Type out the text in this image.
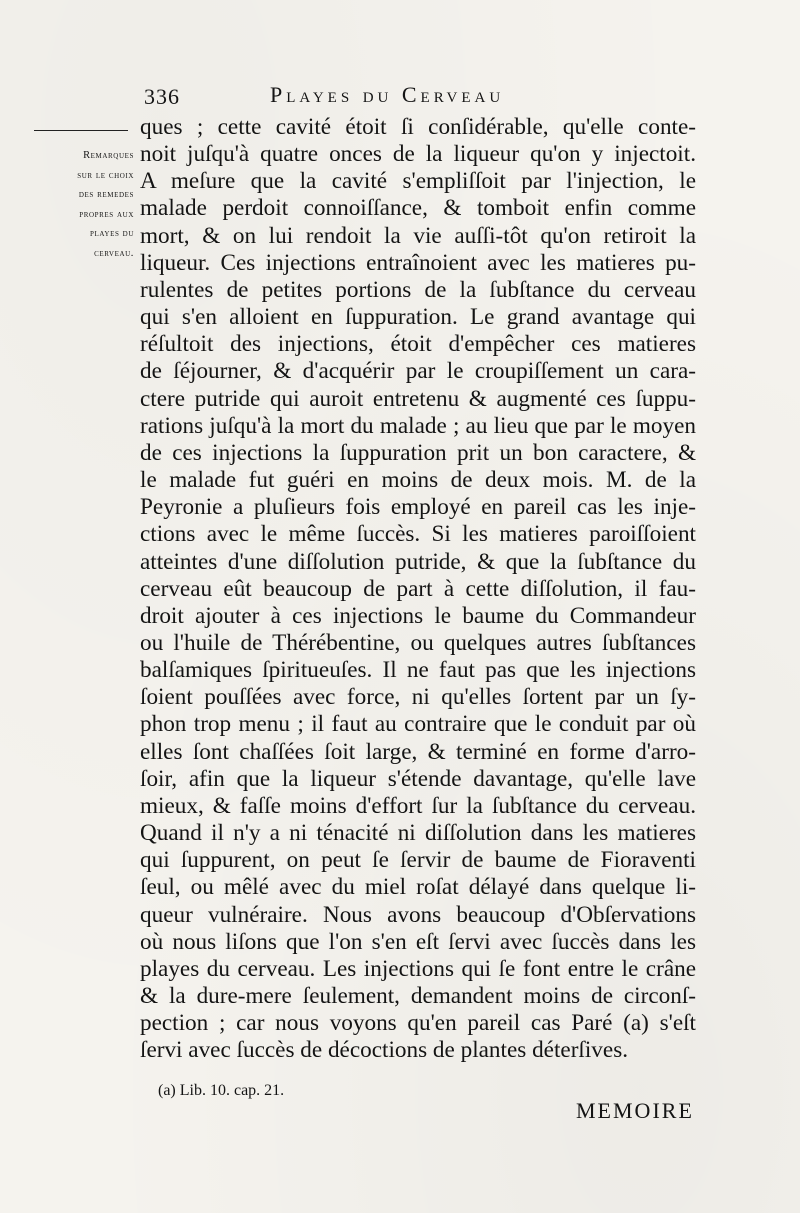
336	Playes du Cerveau
Remarques
sur le choix
des remedes
propres aux
playes du
cerveau.
ques ; cette cavité étoit ſi conſidérable, qu'elle conte-
noit juſqu'à quatre onces de la liqueur qu'on y injectoit.
A meſure que la cavité s'empliſſoit par l'injection, le
malade perdoit connoiſſance, & tomboit enfin comme
mort, & on lui rendoit la vie auſſi-tôt qu'on retiroit la
liqueur. Ces injections entraînoient avec les matieres pu-
rulentes de petites portions de la ſubſtance du cerveau
qui s'en alloient en ſuppuration. Le grand avantage qui
réſultoit des injections, étoit d'empêcher ces matieres
de ſéjourner, & d'acquérir par le croupiſſement un cara-
ctere putride qui auroit entretenu & augmenté ces ſuppu-
rations juſqu'à la mort du malade ; au lieu que par le moyen
de ces injections la ſuppuration prit un bon caractere, &
le malade fut guéri en moins de deux mois. M. de la
Peyronie a pluſieurs fois employé en pareil cas les inje-
ctions avec le même ſuccès. Si les matieres paroiſſoient
atteintes d'une diſſolution putride, & que la ſubſtance du
cerveau eût beaucoup de part à cette diſſolution, il fau-
droit ajouter à ces injections le baume du Commandeur
ou l'huile de Thérébentine, ou quelques autres ſubſtances
balſamiques ſpiritueuſes. Il ne faut pas que les injections
ſoient pouſſées avec force, ni qu'elles ſortent par un ſy-
phon trop menu ; il faut au contraire que le conduit par où
elles ſont chaſſées ſoit large, & terminé en forme d'arro-
ſoir, afin que la liqueur s'étende davantage, qu'elle lave
mieux, & faſſe moins d'effort ſur la ſubſtance du cerveau.
Quand il n'y a ni ténacité ni diſſolution dans les matieres
qui ſuppurent, on peut ſe ſervir de baume de Fioraventi
ſeul, ou mêlé avec du miel roſat délayé dans quelque li-
queur vulnéraire. Nous avons beaucoup d'Obſervations
où nous liſons que l'on s'en eſt ſervi avec ſuccès dans les
playes du cerveau. Les injections qui ſe font entre le crâne
& la dure-mere ſeulement, demandent moins de circonſ-
pection ; car nous voyons qu'en pareil cas Paré (a) s'eſt
ſervi avec ſuccès de décoctions de plantes déterſives.
(a) Lib. 10. cap. 21.
MEMOIRE
